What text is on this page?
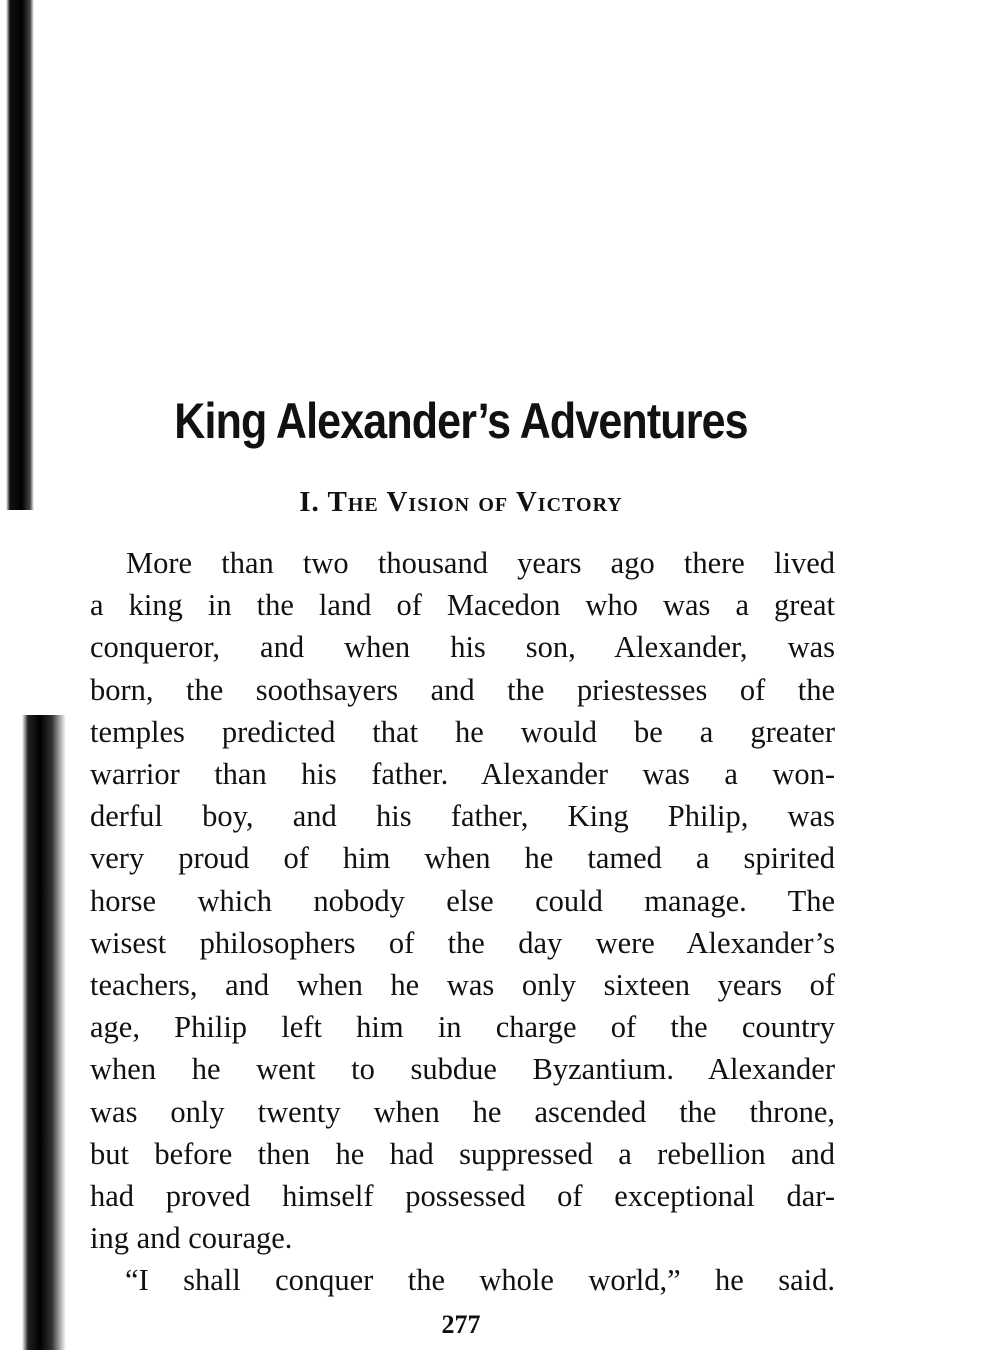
King Alexander’s Adventures
I. The Vision of Victory
More than two thousand years ago there lived
a king in the land of Macedon who was a great
conqueror, and when his son, Alexander, was
born, the soothsayers and the priestesses of the
temples predicted that he would be a greater
warrior than his father. Alexander was a won-
derful boy, and his father, King Philip, was
very proud of him when he tamed a spirited
horse which nobody else could manage. The
wisest philosophers of the day were Alexander’s
teachers, and when he was only sixteen years of
age, Philip left him in charge of the country
when he went to subdue Byzantium. Alexander
was only twenty when he ascended the throne,
but before then he had suppressed a rebellion and
had proved himself possessed of exceptional dar-
ing and courage.
“I shall conquer the whole world,” he said.
277
